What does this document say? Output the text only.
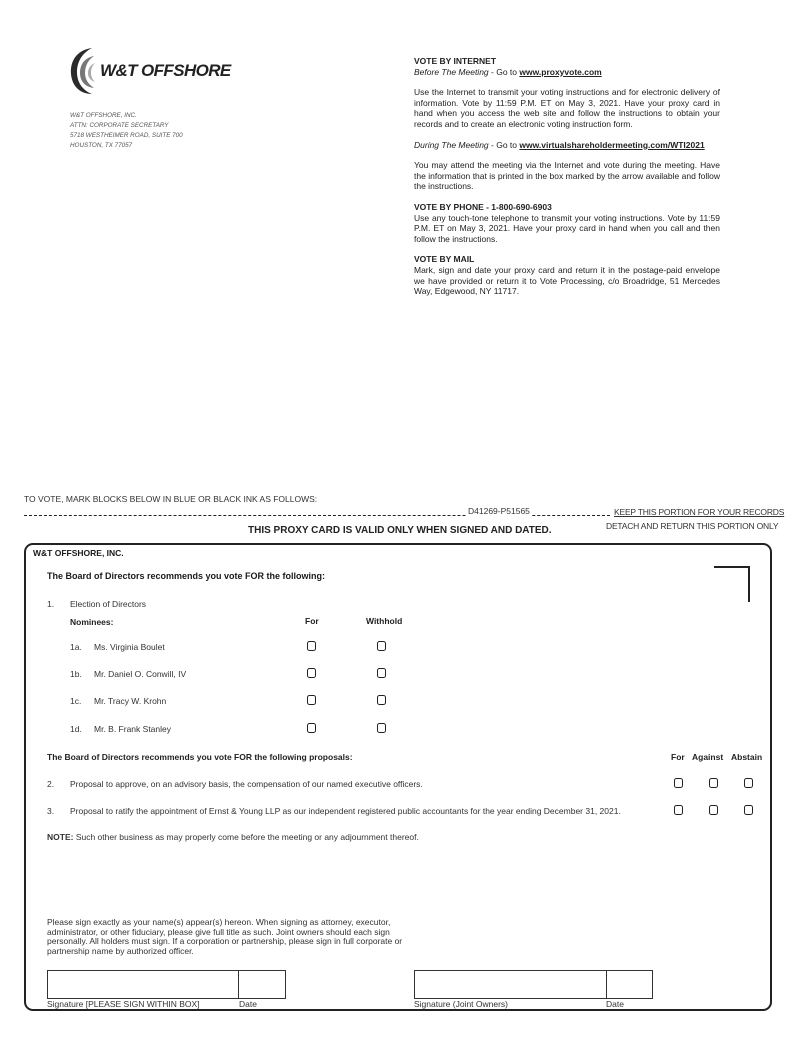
W&T OFFSHORE
W&T OFFSHORE, INC.
ATTN: CORPORATE SECRETARY
5718 WESTHEIMER ROAD, SUITE 700
HOUSTON, TX 77057
VOTE BY INTERNET

Before The Meeting - Go to www.proxyvote.com

Use the Internet to transmit your voting instructions and for electronic delivery of information. Vote by 11:59 P.M. ET on May 3, 2021. Have your proxy card in hand when you access the web site and follow the instructions to obtain your records and to create an electronic voting instruction form.

During The Meeting - Go to www.virtualshareholdermeeting.com/WTI2021

You may attend the meeting via the Internet and vote during the meeting. Have the information that is printed in the box marked by the arrow available and follow the instructions.

VOTE BY PHONE - 1-800-690-6903

Use any touch-tone telephone to transmit your voting instructions. Vote by 11:59 P.M. ET on May 3, 2021. Have your proxy card in hand when you call and then follow the instructions.

VOTE BY MAIL

Mark, sign and date your proxy card and return it in the postage-paid envelope we have provided or return it to Vote Processing, c/o Broadridge, 51 Mercedes Way, Edgewood, NY 11717.

TO VOTE, MARK BLOCKS BELOW IN BLUE OR BLACK INK AS FOLLOWS:
D41269-P51565	KEEP THIS PORTION FOR YOUR RECORDS
DETACH AND RETURN THIS PORTION ONLY
THIS PROXY CARD IS VALID ONLY WHEN SIGNED AND DATED.
W&T OFFSHORE, INC.
The Board of Directors recommends you vote FOR the following:
1. Election of Directors
Nominees:	For	Withhold
1a. Ms. Virginia Boulet
1b. Mr. Daniel O. Conwill, IV
1c. Mr. Tracy W. Krohn
1d. Mr. B. Frank Stanley
The Board of Directors recommends you vote FOR the following proposals:	For Against Abstain
2. Proposal to approve, on an advisory basis, the compensation of our named executive officers.
3. Proposal to ratify the appointment of Ernst & Young LLP as our independent registered public accountants for the year ending December 31, 2021.
NOTE: Such other business as may properly come before the meeting or any adjournment thereof.
Please sign exactly as your name(s) appear(s) hereon. When signing as attorney, executor, administrator, or other fiduciary, please give full title as such. Joint owners should each sign personally. All holders must sign. If a corporation or partnership, please sign in full corporate or partnership name by authorized officer.
Signature [PLEASE SIGN WITHIN BOX]	Date	Signature (Joint Owners)	Date
